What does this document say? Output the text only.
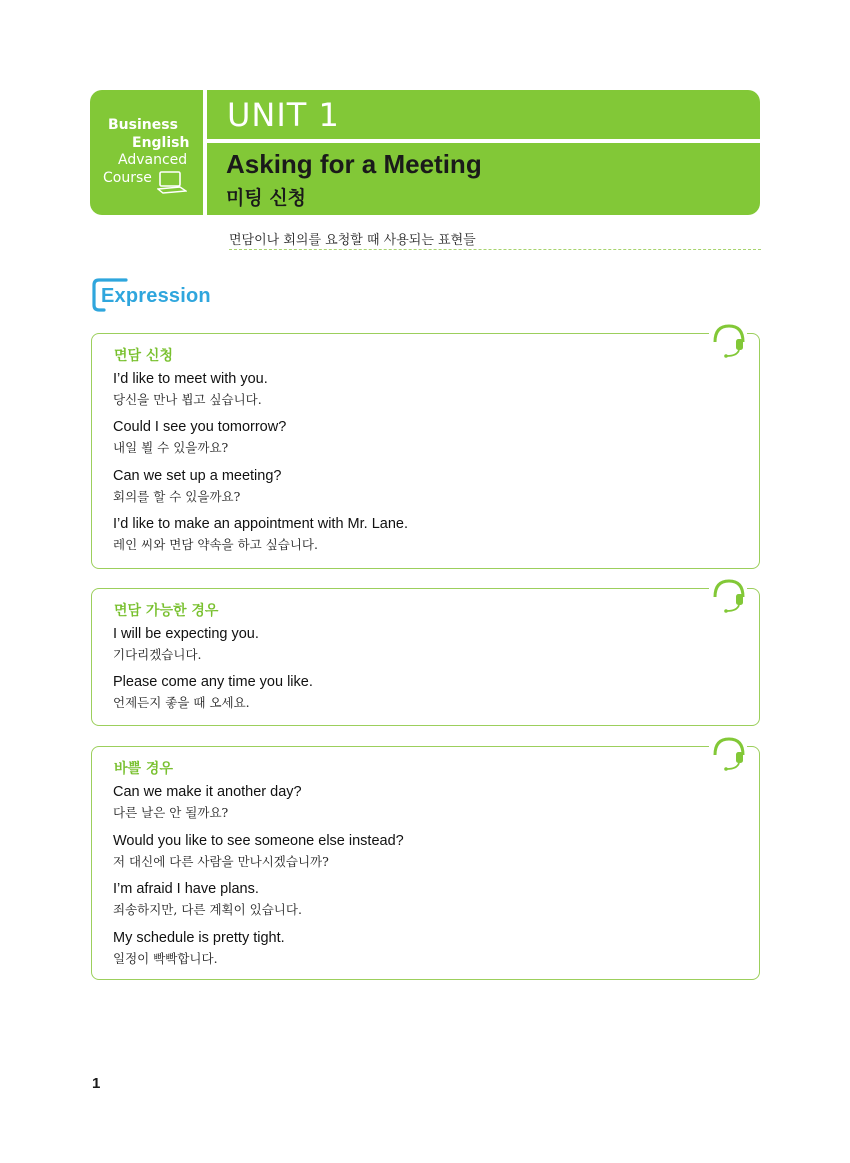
Business
English
Advanced
Course
UNIT 1
Asking for a Meeting
미팅 신청
면담이나 회의를 요청할 때 사용되는 표현들
Expression
면담 신청
I’d like to meet with you.
당신을 만나 뵙고 싶습니다.
Could I see you tomorrow?
내일 뵐 수 있을까요?
Can we set up a meeting?
회의를 할 수 있을까요?
I’d like to make an appointment with Mr. Lane.
레인 씨와 면담 약속을 하고 싶습니다.
면담 가능한 경우
I will be expecting you.
기다리겠습니다.
Please come any time you like.
언제든지 좋을 때 오세요.
바쁠 경우
Can we make it another day?
다른 날은 안 될까요?
Would you like to see someone else instead?
저 대신에 다른 사람을 만나시겠습니까?
I’m afraid I have plans.
죄송하지만, 다른 계획이 있습니다.
My schedule is pretty tight.
일정이 빡빡합니다.
1
